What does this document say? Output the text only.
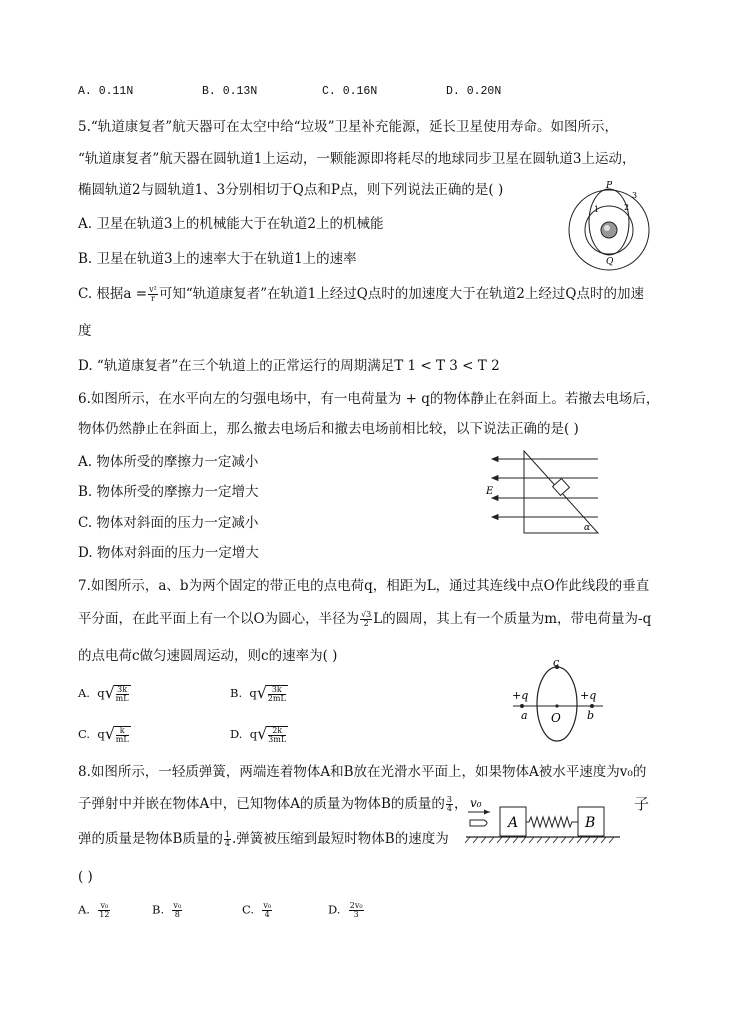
A. 0.11N	B. 0.13N	C. 0.16N	D. 0.20N
5.“轨道康复者”航天器可在太空中给“垃圾”卫星补充能源，延长卫星使用寿命。如图所示，
“轨道康复者”航天器在圆轨道1上运动，一颗能源即将耗尽的地球同步卫星在圆轨道3上运动，
椭圆轨道2与圆轨道1、3分别相切于Q点和P点，则下列说法正确的是( )
A. 卫星在轨道3上的机械能大于在轨道2上的机械能
B. 卫星在轨道3上的速率大于在轨道1上的速率
C. 根据$a = \frac{\text{v²}}{r}$ 可知“轨道康复者”在轨道1上经过Q点时的加速度大于在轨道2上经过Q点时的加速
度
D. “轨道康复者”在三个轨道上的正常运行的周期满足T 1 < T 3 < T 2
P
Q
1	2
3
6.如图所示，在水平向左的匀强电场中，有一电荷量为 + q的物体静止在斜面上。若撤去电场后，
物体仍然静止在斜面上，那么撤去电场后和撤去电场前相比较，以下说法正确的是( )
A. 物体所受的摩擦力一定减小
B. 物体所受的摩擦力一定增大
C. 物体对斜面的压力一定减小
D. 物体对斜面的压力一定增大
E
α
7.如图所示，a、b为两个固定的带正电的点电荷q，相距为L，通过其连线中点O作此线段的垂直
平分面，在此平面上有一个以O为圆心，半径为 $\frac{√3}{2}$ L的圆周，其上有一个质量为m，带电荷量为-q
的点电荷c做匀速圆周运动，则c的速率为( )
A. q √
$\frac{3k}{mL}$	B. q √
$\frac{3k}{2mL}$
C. q √
$\frac{k}{mL}$	D. q √
$\frac{2k}{3mL}$
c
+q
a O
+q
b
8.如图所示，一轻质弹簧，两端连着物体A和B放在光滑水平面上，如果物体A被水平速度为v₀的
子弹射中并嵌在物体A中，已知物体A的质量为物体B的质量的 $\frac{3}{4}$ ，	子
弹的质量是物体B质量的 $\frac{1}{4}$ .弹簧被压缩到最短时物体B的速度为
( )
v₀
A	B
A. $\frac{\text{v₀}}{12}$	B. $\frac{\text{v₀}}{8}$	C. $\frac{\text{v₀}}{4}$	D. $\frac{\text{2v₀}}{3}$
